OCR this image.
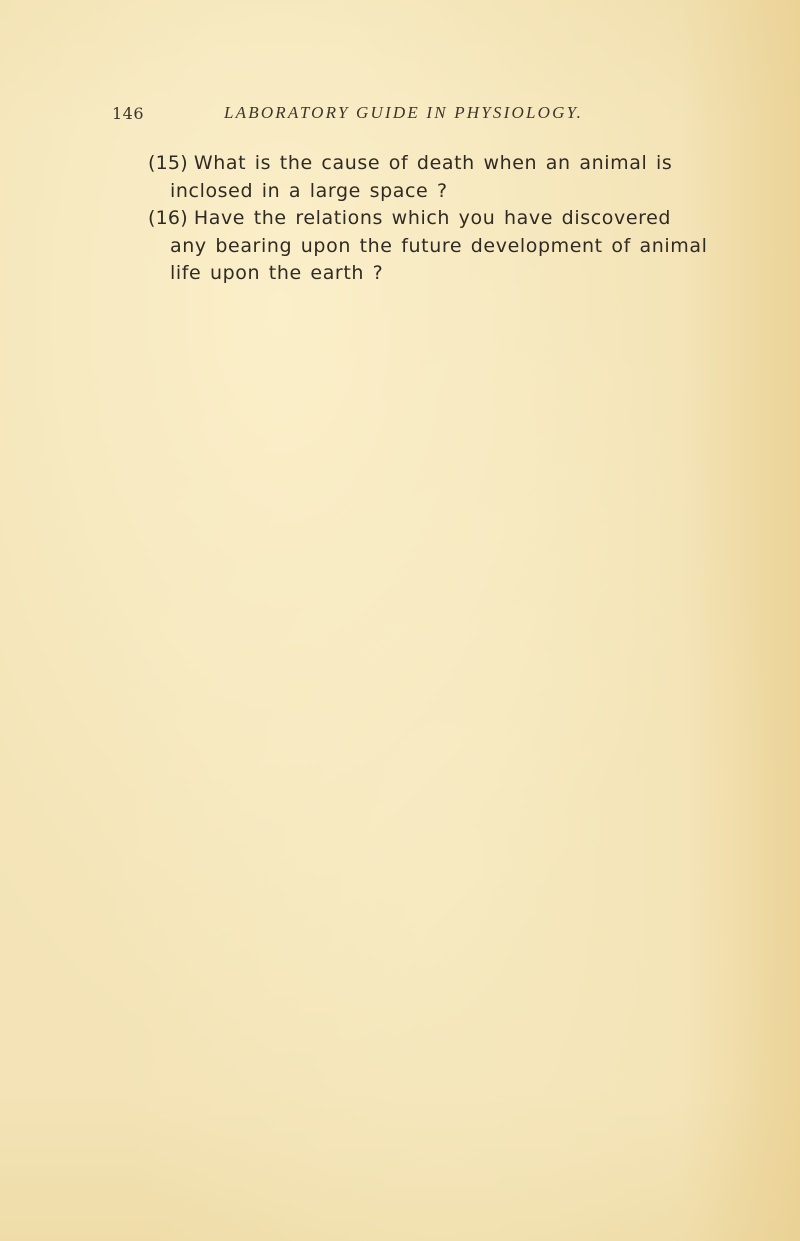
146	LABORATORY GUIDE IN PHYSIOLOGY.

(15) What is the cause of death when an animal is
inclosed in a large space ?

(16) Have the relations which you have discovered
any bearing upon the future development of animal
life upon the earth ?
